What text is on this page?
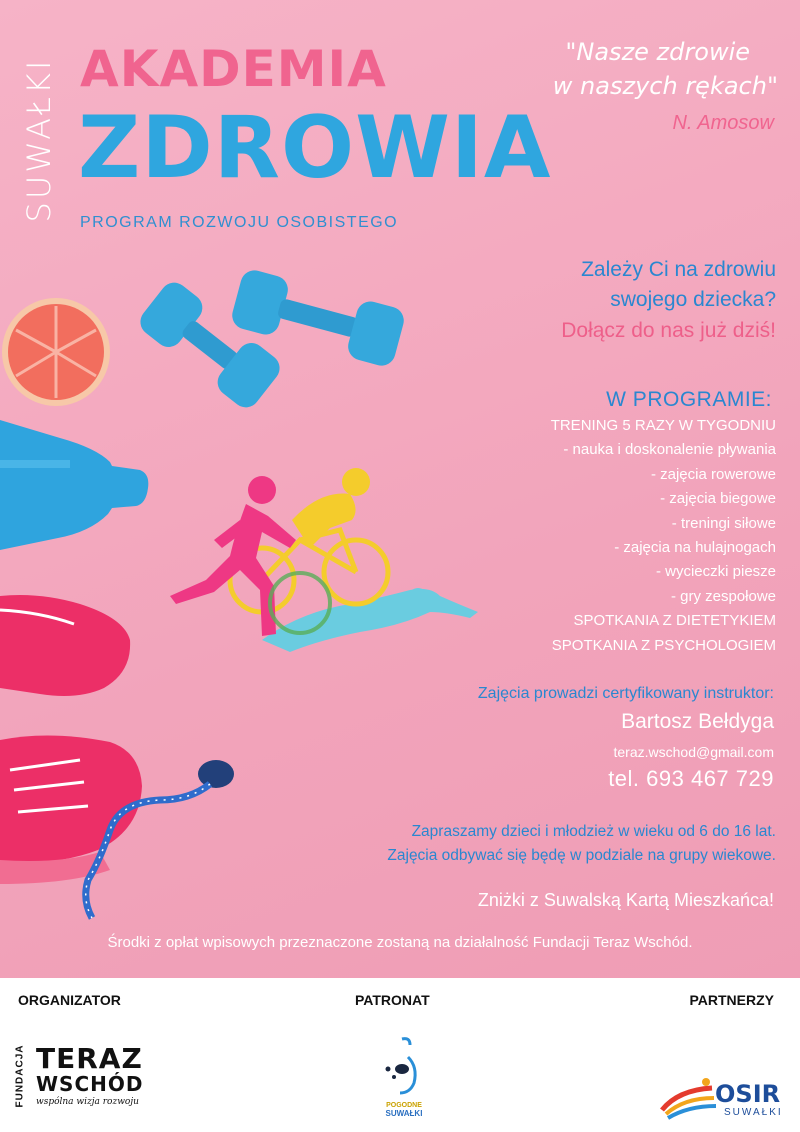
SUWAŁKI AKADEMIA
ZDROWIA
PROGRAM ROZWOJU OSOBISTEGO
"Nasze zdrowie
w naszych rękach"
N. Amosow
Zależy Ci na zdrowiu
swojego dziecka?
Dołącz do nas już dziś!
W PROGRAMIE:
TRENING 5 RAZY W TYGODNIU
- nauka i doskonalenie pływania
- zajęcia rowerowe
- zajęcia biegowe
- treningi siłowe
- zajęcia na hulajnogach
- wycieczki piesze
- gry zespołowe
SPOTKANIA Z DIETETYKIEM
SPOTKANIA Z PSYCHOLOGIEM
Zajęcia prowadzi certyfikowany instruktor:
Bartosz Bełdyga
teraz.wschod@gmail.com
tel. 693 467 729
Zapraszamy dzieci i młodzież w wieku od 6 do 16 lat.
Zajęcia odbywać się będę w podziale na grupy wiekowe.
Zniżki z Suwalską Kartą Mieszkańca!
Środki z opłat wpisowych przeznaczone zostaną na działalność Fundacji Teraz Wschód.
ORGANIZATOR	PATRONAT	PARTNERZY
FUNDACJA TERAZ
WSCHÓD
wspólna wizja rozwoju	POGODNE
SUWAŁKI
OSIR
SUWAŁKI
